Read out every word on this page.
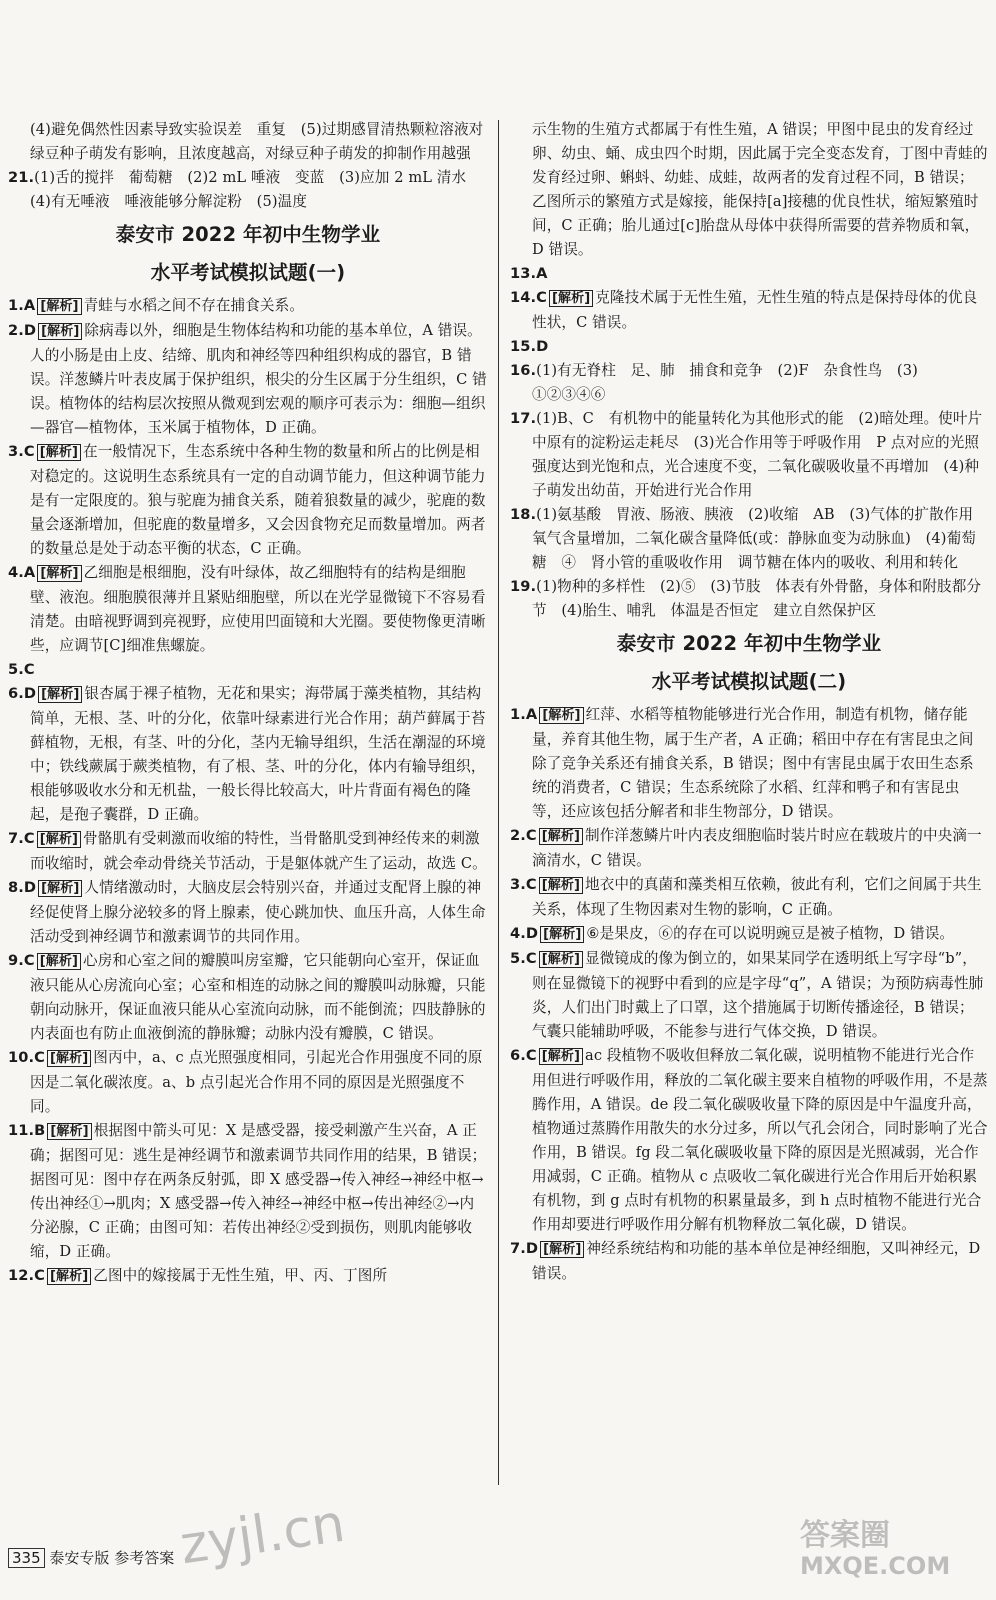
(4)避免偶然性因素导致实验误差　重复　(5)过期感冒清热颗粒溶液对绿豆种子萌发有影响，且浓度越高，对绿豆种子萌发的抑制作用越强

21.(1)舌的搅拌　葡萄糖　(2)2 mL 唾液　变蓝　(3)应加 2 mL 清水　(4)有无唾液　唾液能够分解淀粉　(5)温度

泰安市 2022 年初中生物学业
水平考试模拟试题(一)

1.A [解析] 青蛙与水稻之间不存在捕食关系。

2.D [解析] 除病毒以外，细胞是生物体结构和功能的基本单位，A 错误。人的小肠是由上皮、结缔、肌肉和神经等四种组织构成的器官，B 错误。洋葱鳞片叶表皮属于保护组织，根尖的分生区属于分生组织，C 错误。植物体的结构层次按照从微观到宏观的顺序可表示为：细胞—组织—器官—植物体，玉米属于植物体，D 正确。

3.C [解析] 在一般情况下，生态系统中各种生物的数量和所占的比例是相对稳定的。这说明生态系统具有一定的自动调节能力，但这种调节能力是有一定限度的。狼与驼鹿为捕食关系，随着狼数量的减少，驼鹿的数量会逐渐增加，但驼鹿的数量增多，又会因食物充足而数量增加。两者的数量总是处于动态平衡的状态，C 正确。

4.A [解析] 乙细胞是根细胞，没有叶绿体，故乙细胞特有的结构是细胞壁、液泡。细胞膜很薄并且紧贴细胞壁，所以在光学显微镜下不容易看清楚。由暗视野调到亮视野，应使用凹面镜和大光圈。要使物像更清晰些，应调节[C]细准焦螺旋。

5.C

6.D [解析] 银杏属于裸子植物，无花和果实；海带属于藻类植物，其结构简单，无根、茎、叶的分化，依靠叶绿素进行光合作用；葫芦藓属于苔藓植物，无根，有茎、叶的分化，茎内无输导组织，生活在潮湿的环境中；铁线蕨属于蕨类植物，有了根、茎、叶的分化，体内有输导组织，根能够吸收水分和无机盐，一般长得比较高大，叶片背面有褐色的隆起，是孢子囊群，D 正确。

7.C [解析] 骨骼肌有受刺激而收缩的特性，当骨骼肌受到神经传来的刺激而收缩时，就会牵动骨绕关节活动，于是躯体就产生了运动，故选 C。

8.D [解析] 人情绪激动时，大脑皮层会特别兴奋，并通过支配肾上腺的神经促使肾上腺分泌较多的肾上腺素，使心跳加快、血压升高，人体生命活动受到神经调节和激素调节的共同作用。

9.C [解析] 心房和心室之间的瓣膜叫房室瓣，它只能朝向心室开，保证血液只能从心房流向心室；心室和相连的动脉之间的瓣膜叫动脉瓣，只能朝向动脉开，保证血液只能从心室流向动脉，而不能倒流；四肢静脉的内表面也有防止血液倒流的静脉瓣；动脉内没有瓣膜，C 错误。

10.C [解析] 图丙中，a、c 点光照强度相同，引起光合作用强度不同的原因是二氧化碳浓度。a、b 点引起光合作用不同的原因是光照强度不同。

11.B [解析] 根据图中箭头可见：X 是感受器，接受刺激产生兴奋，A 正确；据图可见：逃生是神经调节和激素调节共同作用的结果，B 错误；据图可见：图中存在两条反射弧，即 X 感受器→传入神经→神经中枢→传出神经①→肌肉；X 感受器→传入神经→神经中枢→传出神经②→内分泌腺，C 正确；由图可知：若传出神经②受到损伤，则肌肉能够收缩，D 正确。

12.C [解析] 乙图中的嫁接属于无性生殖，甲、丙、丁图所

示生物的生殖方式都属于有性生殖，A 错误；甲图中昆虫的发育经过卵、幼虫、蛹、成虫四个时期，因此属于完全变态发育，丁图中青蛙的发育经过卵、蝌蚪、幼蛙、成蛙，故两者的发育过程不同，B 错误；乙图所示的繁殖方式是嫁接，能保持[a]接穗的优良性状，缩短繁殖时间，C 正确；胎儿通过[c]胎盘从母体中获得所需要的营养物质和氧，D 错误。

13.A

14.C [解析] 克隆技术属于无性生殖，无性生殖的特点是保持母体的优良性状，C 错误。

15.D

16.(1)有无脊柱　足、肺　捕食和竞争　(2)F　杂食性鸟　(3) ①②③④⑥

17.(1)B、C　有机物中的能量转化为其他形式的能　(2)暗处理。使叶片中原有的淀粉运走耗尽　(3)光合作用等于呼吸作用　P 点对应的光照强度达到光饱和点，光合速度不变，二氧化碳吸收量不再增加　(4)种子萌发出幼苗，开始进行光合作用

18.(1)氨基酸　胃液、肠液、胰液　(2)收缩　AB　(3)气体的扩散作用　氧气含量增加，二氧化碳含量降低(或：静脉血变为动脉血)　(4)葡萄糖　④　肾小管的重吸收作用　调节糖在体内的吸收、利用和转化

19.(1)物种的多样性　(2)⑤　(3)节肢　体表有外骨骼，身体和附肢都分节　(4)胎生、哺乳　体温是否恒定　建立自然保护区

泰安市 2022 年初中生物学业
水平考试模拟试题(二)

1.A [解析] 红萍、水稻等植物能够进行光合作用，制造有机物，储存能量，养育其他生物，属于生产者，A 正确；稻田中存在有害昆虫之间除了竞争关系还有捕食关系，B 错误；图中有害昆虫属于农田生态系统的消费者，C 错误；生态系统除了水稻、红萍和鸭子和有害昆虫等，还应该包括分解者和非生物部分，D 错误。

2.C [解析] 制作洋葱鳞片叶内表皮细胞临时装片时应在载玻片的中央滴一滴清水，C 错误。

3.C [解析] 地衣中的真菌和藻类相互依赖，彼此有利，它们之间属于共生关系，体现了生物因素对生物的影响，C 正确。

4.D [解析] ⑥是果皮，⑥的存在可以说明豌豆是被子植物，D 错误。

5.C [解析] 显微镜成的像为倒立的，如果某同学在透明纸上写字母“b”，则在显微镜下的视野中看到的应是字母“q”，A 错误；为预防病毒性肺炎，人们出门时戴上了口罩，这个措施属于切断传播途径，B 错误；气囊只能辅助呼吸，不能参与进行气体交换，D 错误。

6.C [解析] ac 段植物不吸收但释放二氧化碳，说明植物不能进行光合作用但进行呼吸作用，释放的二氧化碳主要来自植物的呼吸作用，不是蒸腾作用，A 错误。de 段二氧化碳吸收量下降的原因是中午温度升高，植物通过蒸腾作用散失的水分过多，所以气孔会闭合，同时影响了光合作用，B 错误。fg 段二氧化碳吸收量下降的原因是光照减弱，光合作用减弱，C 正确。植物从 c 点吸收二氧化碳进行光合作用后开始积累有机物，到 g 点时有机物的积累量最多，到 h 点时植物不能进行光合作用却要进行呼吸作用分解有机物释放二氧化碳，D 错误。

7.D [解析] 神经系统结构和功能的基本单位是神经细胞，又叫神经元，D 错误。

335 泰安专版 参考答案 zyjl.cn	答案圈
MXQE.COM
